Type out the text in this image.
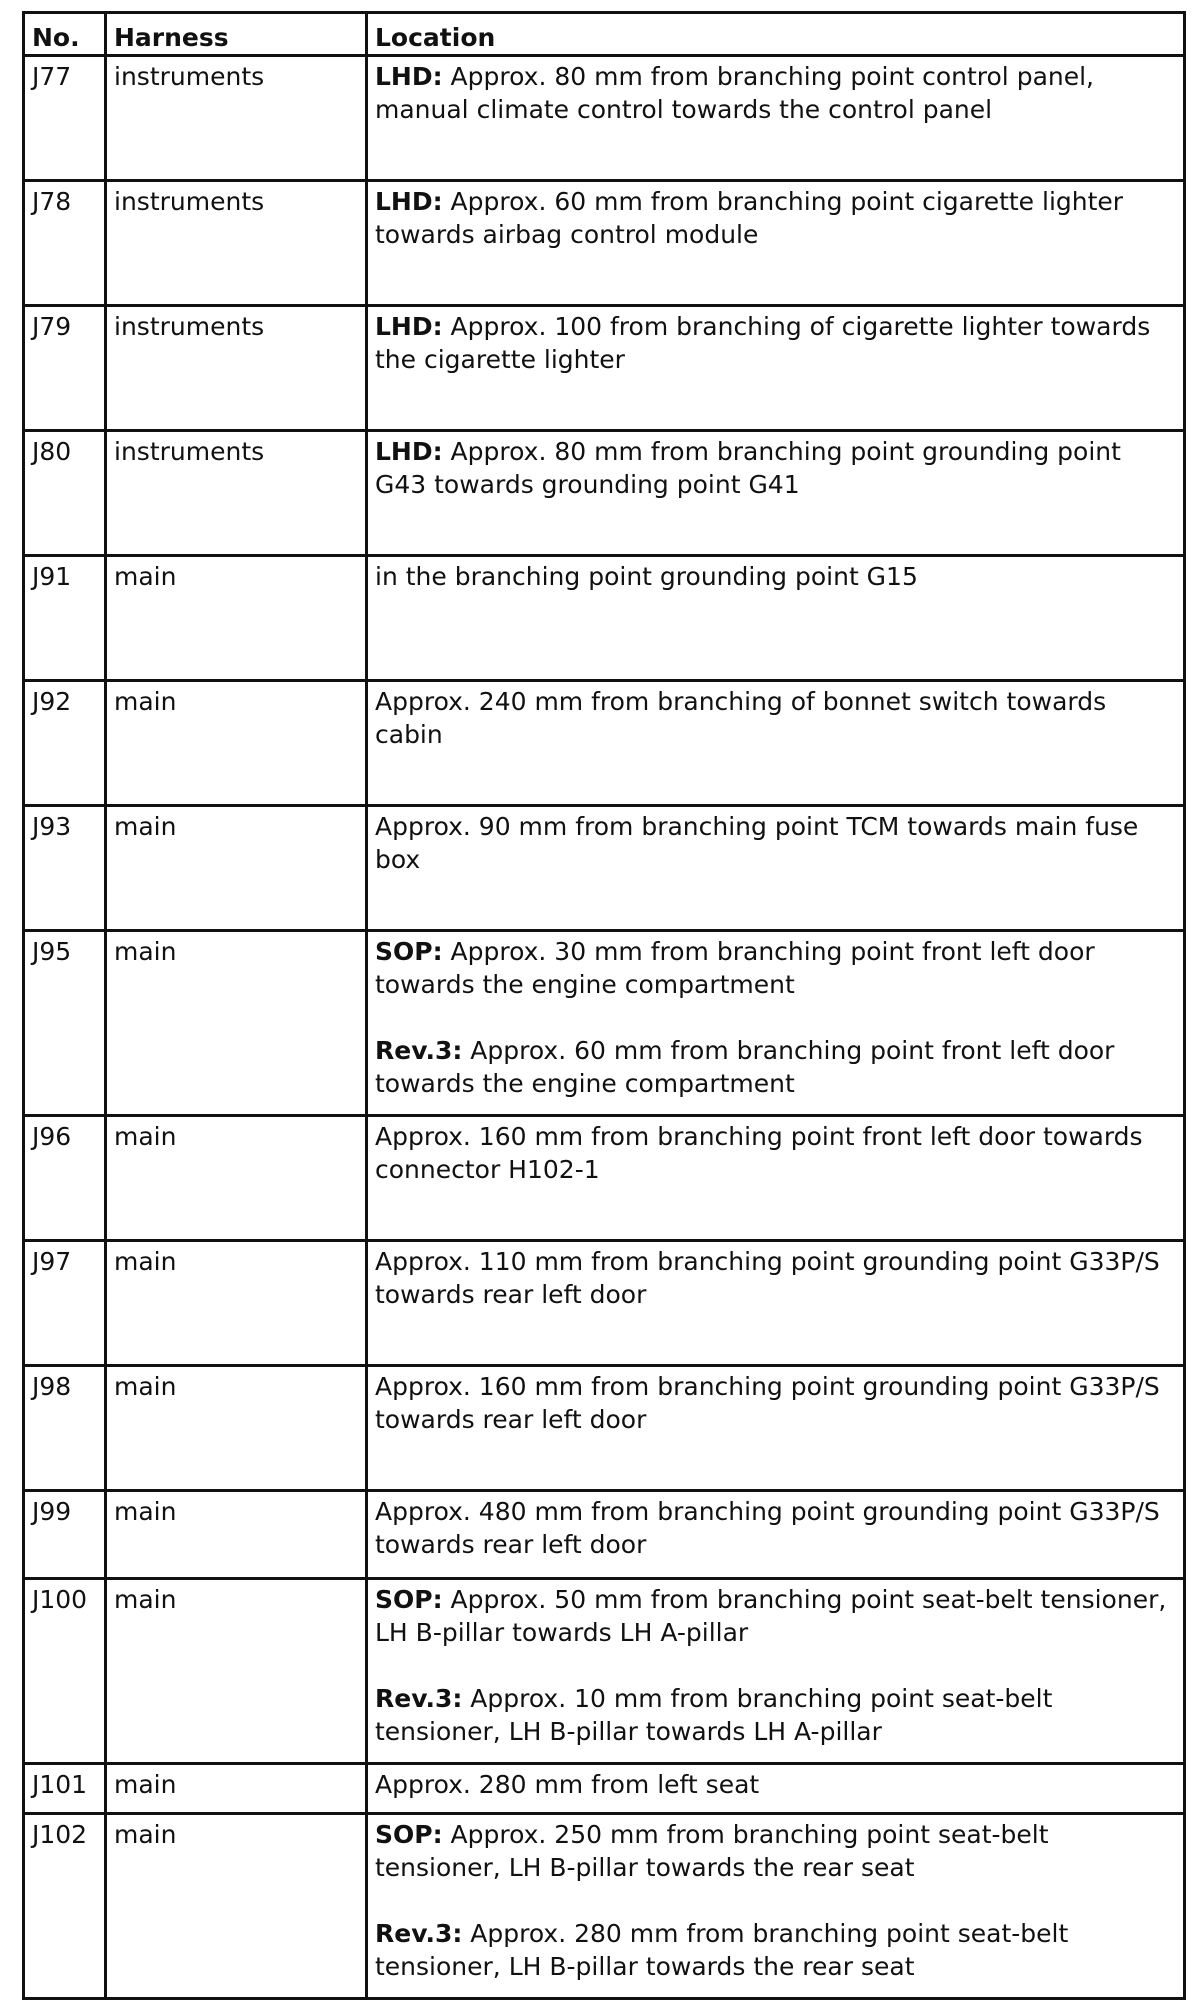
No.	Harness	Location
J77	instruments	LHD: Approx. 80 mm from branching point control panel, manual climate control towards the control panel

J78	instruments	LHD: Approx. 60 mm from branching point cigarette lighter towards airbag control module

J79	instruments	LHD: Approx. 100 from branching of cigarette lighter towards the cigarette lighter

J80	instruments	LHD: Approx. 80 mm from branching point grounding point G43 towards grounding point G41

J91	main	in the branching point grounding point G15

J92	main	Approx. 240 mm from branching of bonnet switch towards cabin

J93	main	Approx. 90 mm from branching point TCM towards main fuse box

J95	main	SOP: Approx. 30 mm from branching point front left door towards the engine compartment

Rev.3: Approx. 60 mm from branching point front left door towards the engine compartment

J96	main	Approx. 160 mm from branching point front left door towards connector H102-1

J97	main	Approx. 110 mm from branching point grounding point G33P/S towards rear left door

J98	main	Approx. 160 mm from branching point grounding point G33P/S towards rear left door

J99	main	Approx. 480 mm from branching point grounding point G33P/S towards rear left door

J100	main	SOP: Approx. 50 mm from branching point seat-belt tensioner, LH B-pillar towards LH A-pillar

Rev.3: Approx. 10 mm from branching point seat-belt tensioner, LH B-pillar towards LH A-pillar

J101	main	Approx. 280 mm from left seat

J102	main	SOP: Approx. 250 mm from branching point seat-belt tensioner, LH B-pillar towards the rear seat

Rev.3: Approx. 280 mm from branching point seat-belt tensioner, LH B-pillar towards the rear seat
